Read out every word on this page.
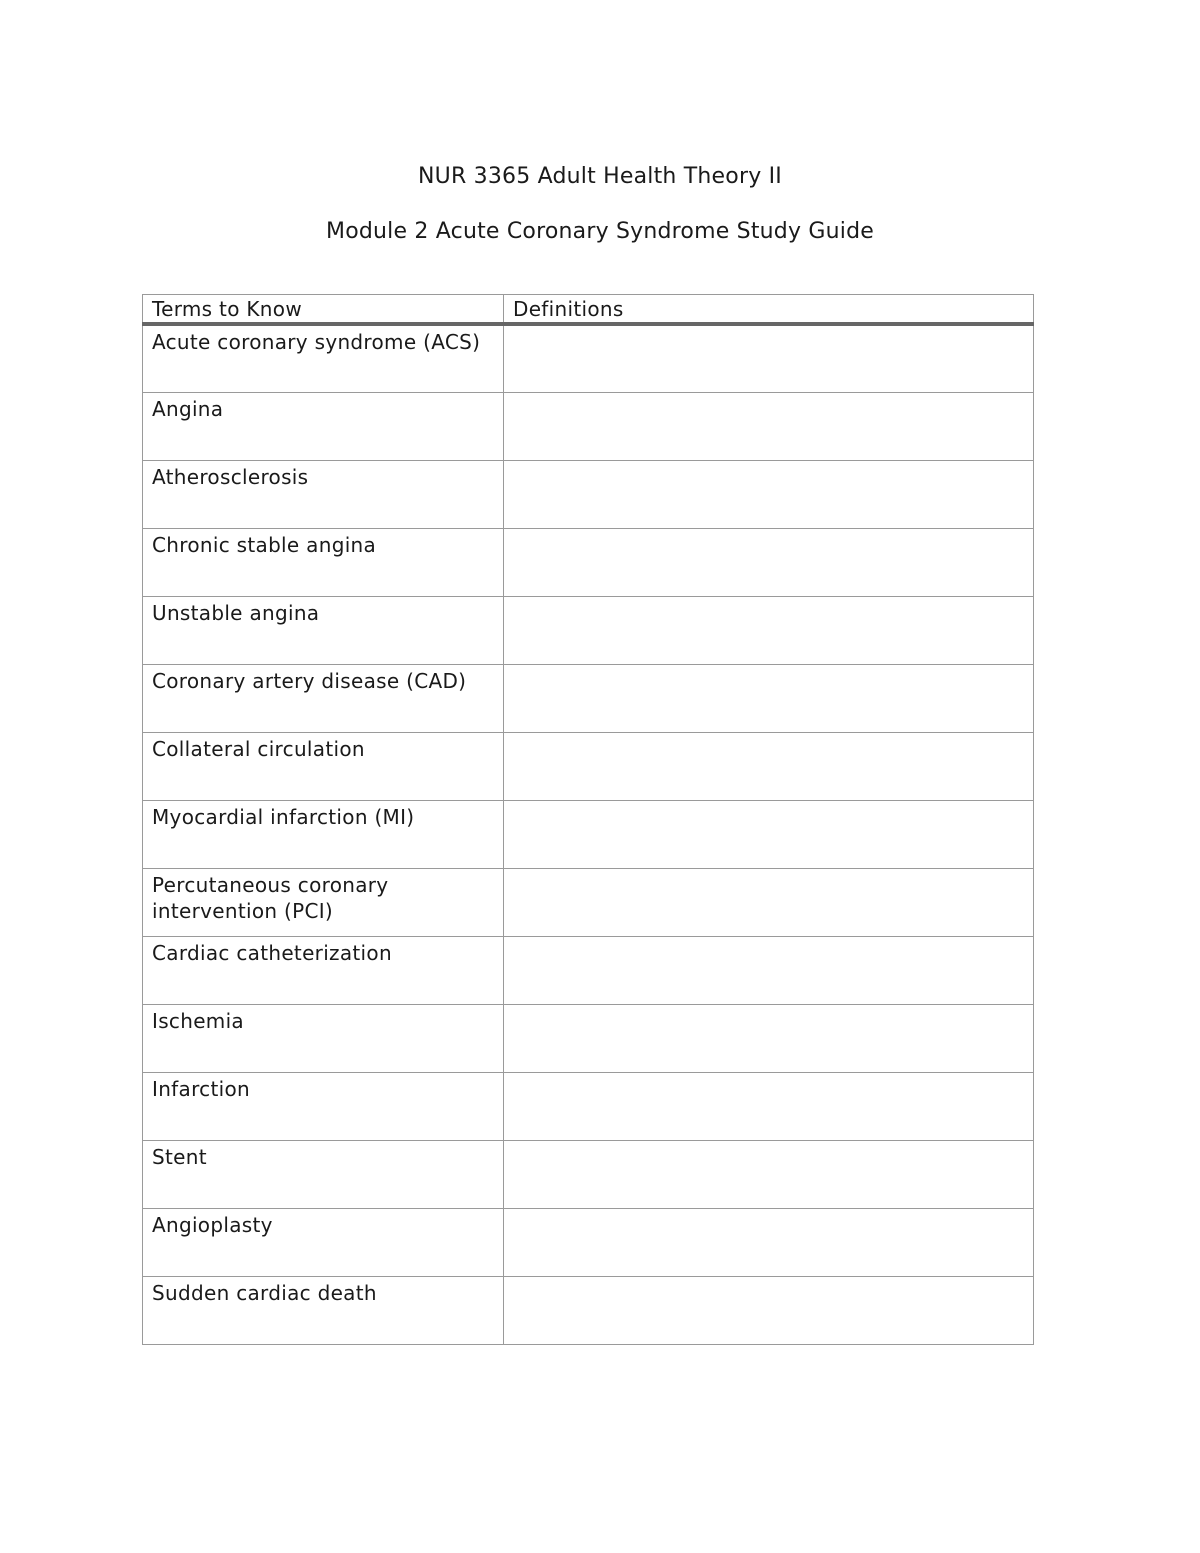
NUR 3365 Adult Health Theory II
Module 2 Acute Coronary Syndrome Study Guide
Terms to Know	Definitions
Acute coronary syndrome (ACS)	
Angina	
Atherosclerosis	
Chronic stable angina	
Unstable angina	
Coronary artery disease (CAD)	
Collateral circulation	
Myocardial infarction (MI)	
Percutaneous coronary intervention (PCI)	
Cardiac catheterization	
Ischemia	
Infarction	
Stent	
Angioplasty	
Sudden cardiac death	
